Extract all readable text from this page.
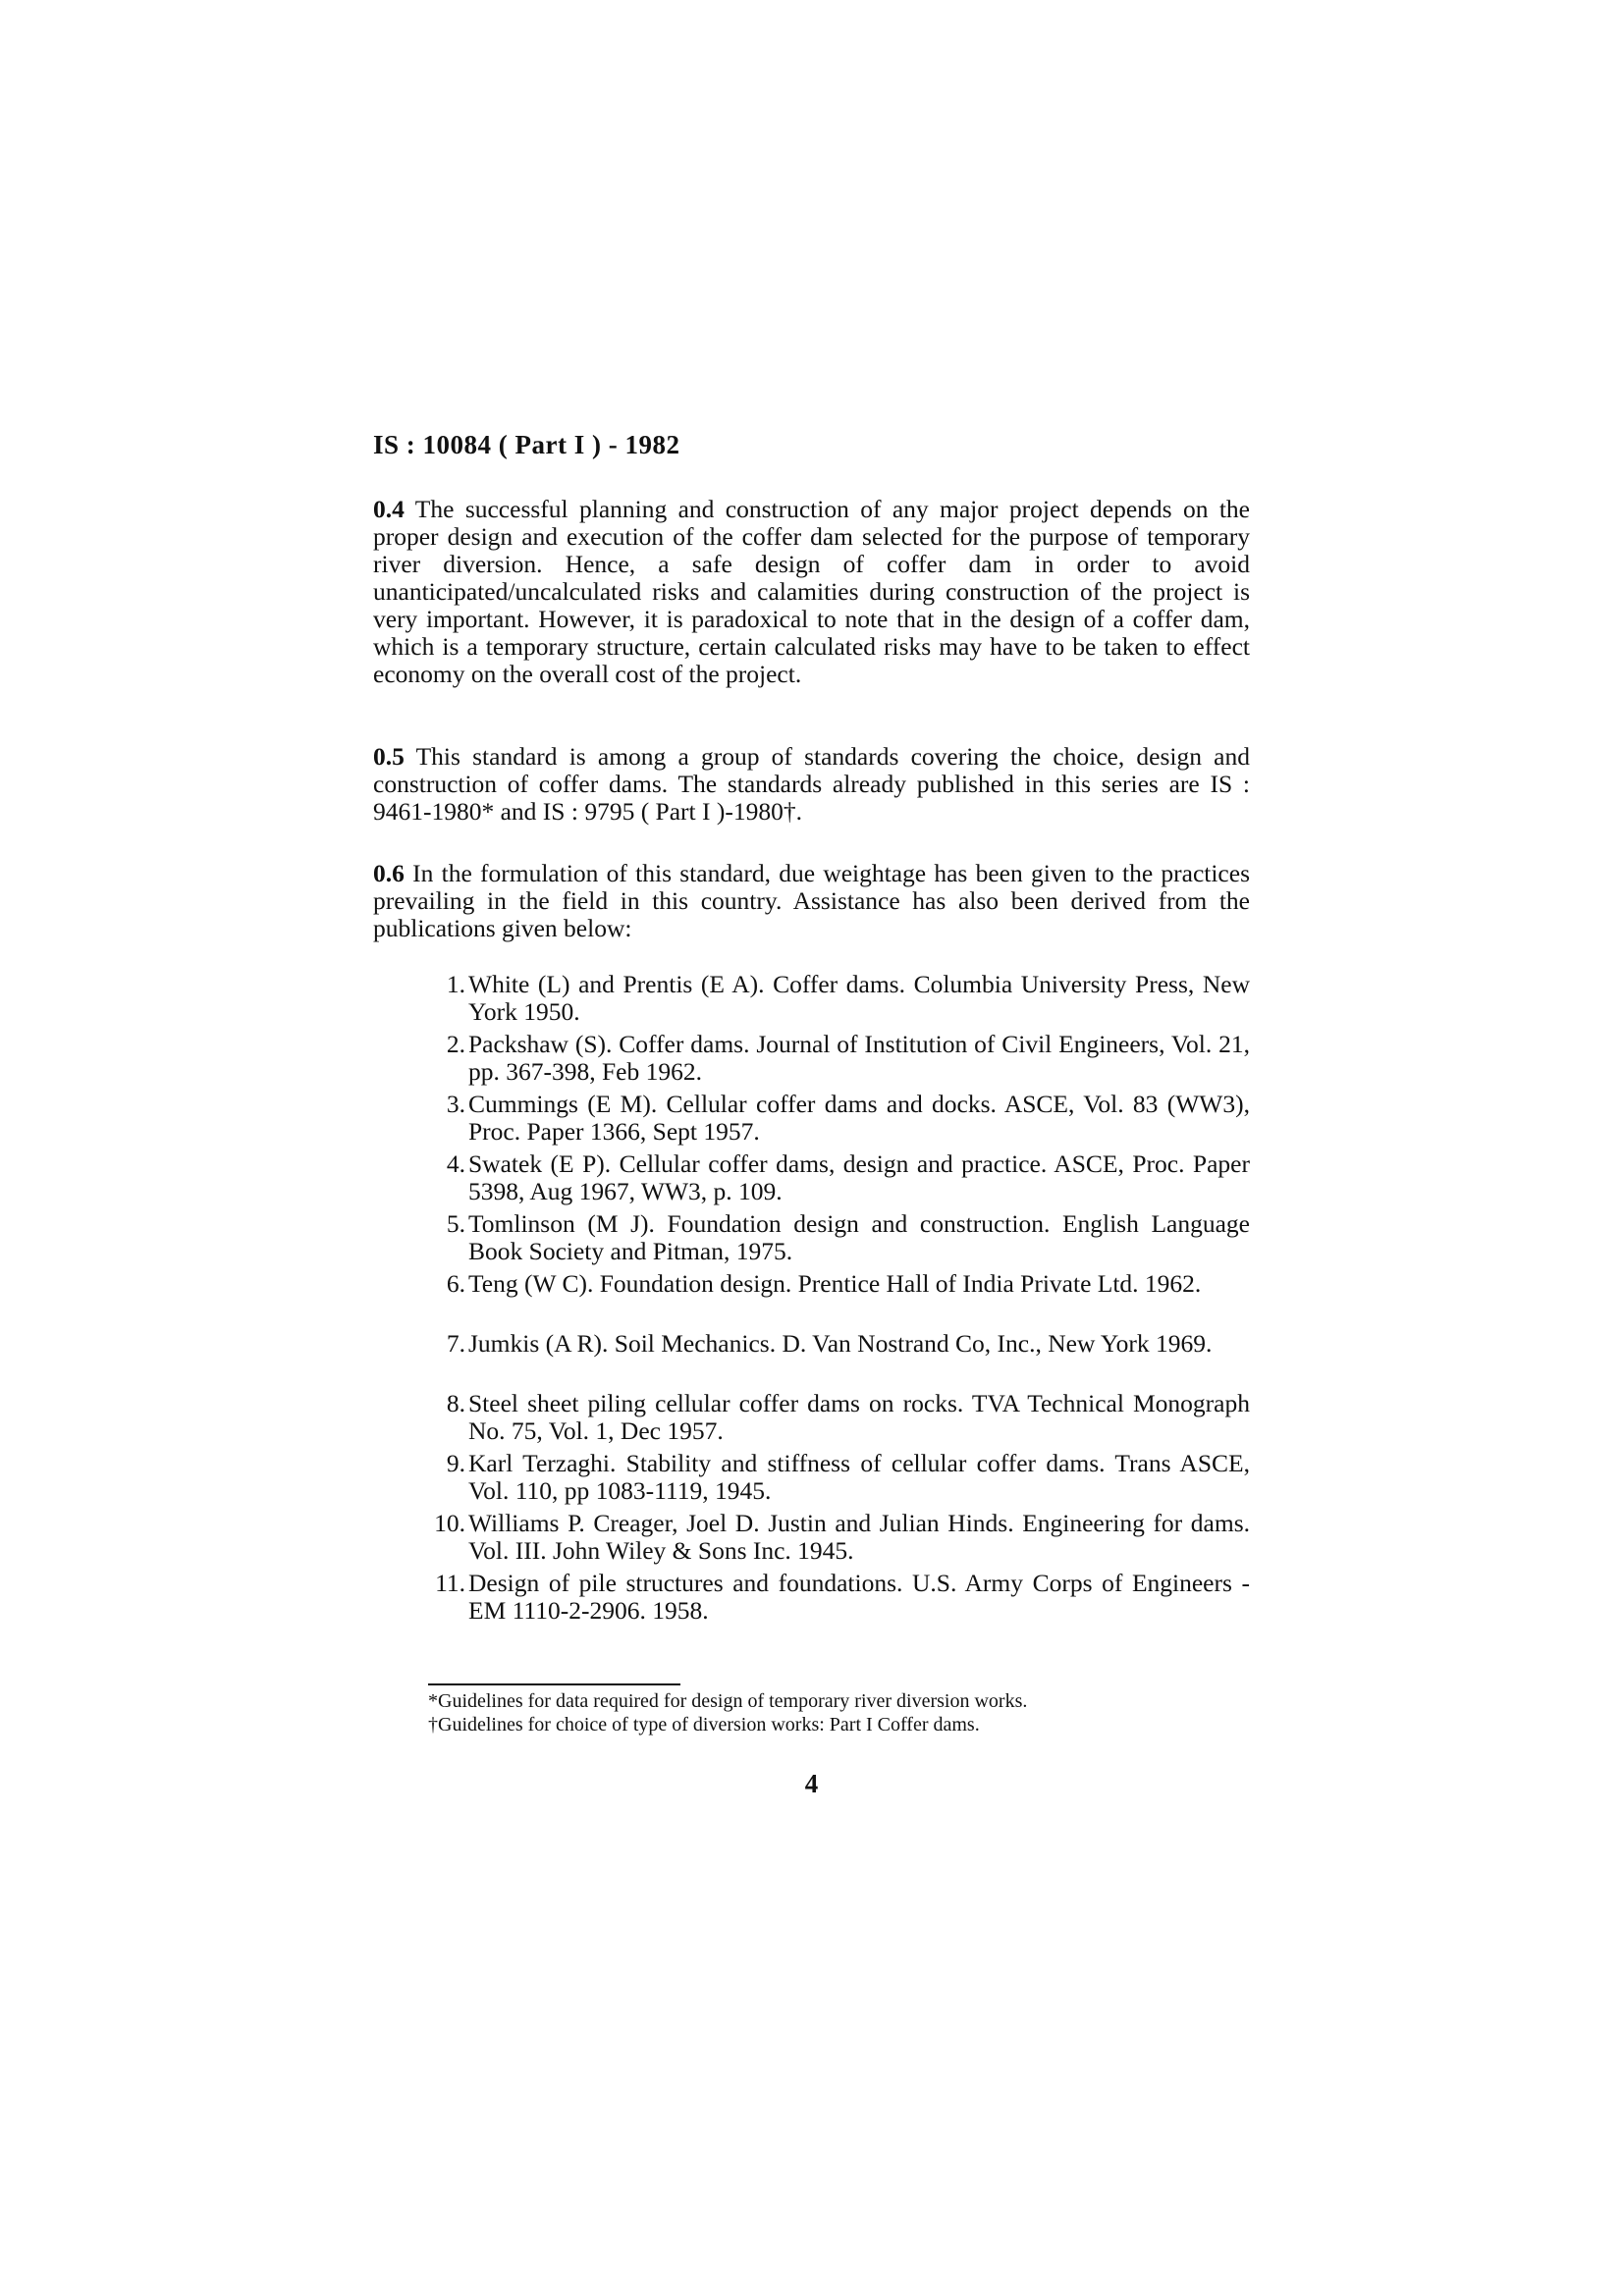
IS : 10084 ( Part I ) - 1982

0.4 The successful planning and construction of any major project depends on the proper design and execution of the coffer dam selected for the purpose of temporary river diversion. Hence, a safe design of coffer dam in order to avoid unanticipated/uncalculated risks and calamities during construction of the project is very important. However, it is paradoxical to note that in the design of a coffer dam, which is a temporary structure, certain calculated risks may have to be taken to effect economy on the overall cost of the project.

0.5 This standard is among a group of standards covering the choice, design and construction of coffer dams. The standards already published in this series are IS : 9461-1980* and IS : 9795 ( Part I )-1980†.

0.6 In the formulation of this standard, due weightage has been given to the practices prevailing in the field in this country. Assistance has also been derived from the publications given below:

1. White (L) and Prentis (E A). Coffer dams. Columbia University Press, New York 1950.
2. Packshaw (S). Coffer dams. Journal of Institution of Civil Engineers, Vol. 21, pp. 367-398, Feb 1962.
3. Cummings (E M). Cellular coffer dams and docks. ASCE, Vol. 83 (WW3), Proc. Paper 1366, Sept 1957.
4. Swatek (E P). Cellular coffer dams, design and practice. ASCE, Proc. Paper 5398, Aug 1967, WW3, p. 109.
5. Tomlinson (M J). Foundation design and construction. English Language Book Society and Pitman, 1975.
6. Teng (W C). Foundation design. Prentice Hall of India Private Ltd. 1962.
7. Jumkis (A R). Soil Mechanics. D. Van Nostrand Co, Inc., New York 1969.
8. Steel sheet piling cellular coffer dams on rocks. TVA Technical Monograph No. 75, Vol. 1, Dec 1957.
9. Karl Terzaghi. Stability and stiffness of cellular coffer dams. Trans ASCE, Vol. 110, pp 1083-1119, 1945.
10. Williams P. Creager, Joel D. Justin and Julian Hinds. Engineering for dams. Vol. III. John Wiley & Sons Inc. 1945.
11. Design of pile structures and foundations. U.S. Army Corps of Engineers - EM 1110-2-2906. 1958.
*Guidelines for data required for design of temporary river diversion works.
†Guidelines for choice of type of diversion works: Part I Coffer dams.
4
